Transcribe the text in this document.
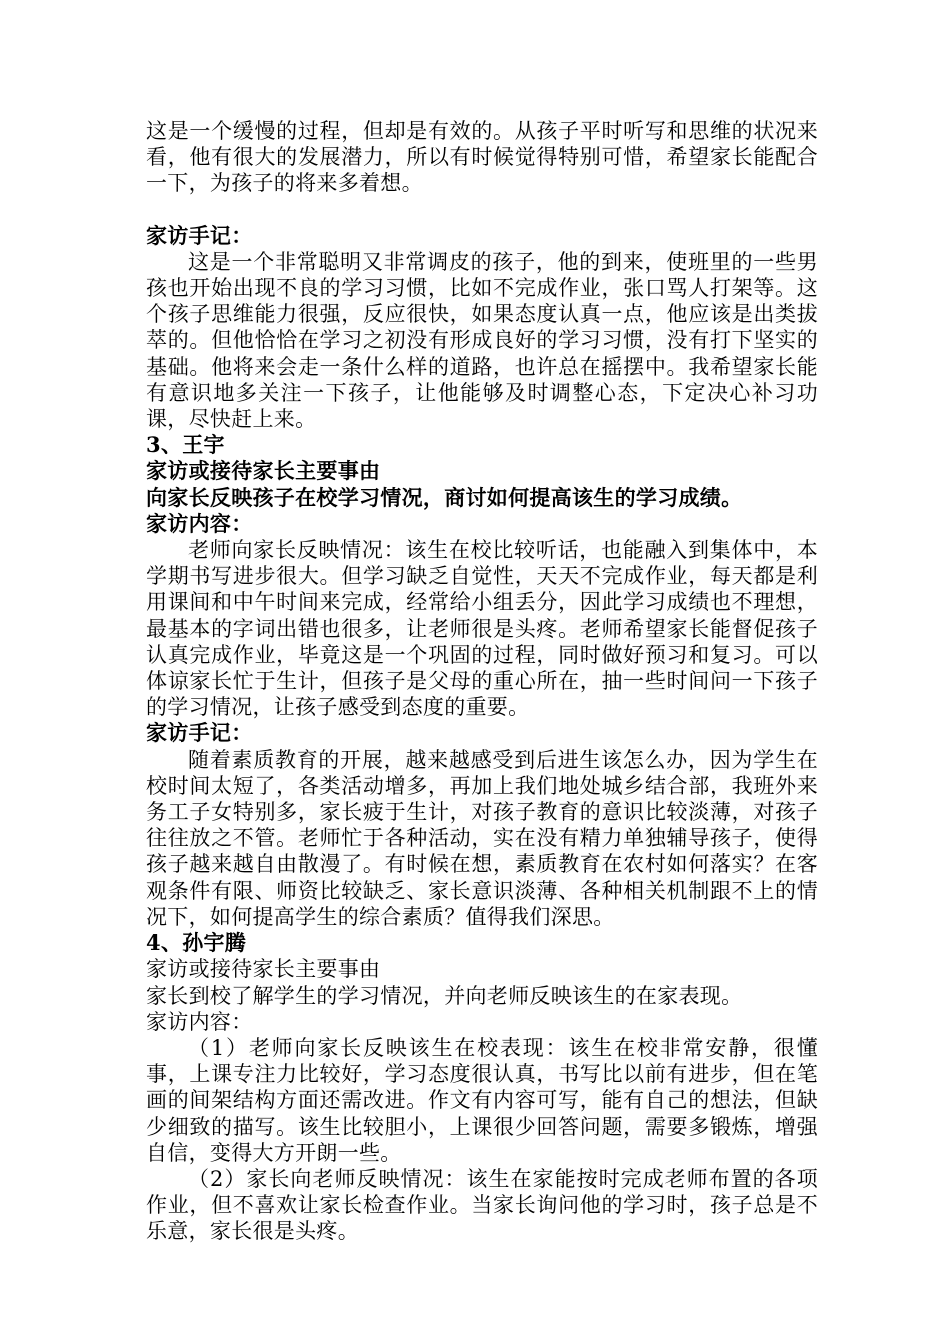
这是一个缓慢的过程，但却是有效的。从孩子平时听写和思维的状况来看，他有很大的发展潜力，所以有时候觉得特别可惜，希望家长能配合一下，为孩子的将来多着想。

家访手记：

这是一个非常聪明又非常调皮的孩子，他的到来，使班里的一些男孩也开始出现不良的学习习惯，比如不完成作业，张口骂人打架等。这个孩子思维能力很强，反应很快，如果态度认真一点，他应该是出类拔萃的。但他恰恰在学习之初没有形成良好的学习习惯，没有打下坚实的基础。他将来会走一条什么样的道路，也许总在摇摆中。我希望家长能有意识地多关注一下孩子，让他能够及时调整心态，下定决心补习功课，尽快赶上来。

3、王宇

家访或接待家长主要事由

向家长反映孩子在校学习情况，商讨如何提高该生的学习成绩。

家访内容：

老师向家长反映情况：该生在校比较听话，也能融入到集体中，本学期书写进步很大。但学习缺乏自觉性，天天不完成作业，每天都是利用课间和中午时间来完成，经常给小组丢分，因此学习成绩也不理想，最基本的字词出错也很多，让老师很是头疼。老师希望家长能督促孩子认真完成作业，毕竟这是一个巩固的过程，同时做好预习和复习。可以体谅家长忙于生计，但孩子是父母的重心所在，抽一些时间问一下孩子的学习情况，让孩子感受到态度的重要。

家访手记：

随着素质教育的开展，越来越感受到后进生该怎么办，因为学生在校时间太短了，各类活动增多，再加上我们地处城乡结合部，我班外来务工子女特别多，家长疲于生计，对孩子教育的意识比较淡薄，对孩子往往放之不管。老师忙于各种活动，实在没有精力单独辅导孩子，使得孩子越来越自由散漫了。有时候在想，素质教育在农村如何落实？在客观条件有限、师资比较缺乏、家长意识淡薄、各种相关机制跟不上的情况下，如何提高学生的综合素质？值得我们深思。

4、孙宇腾

家访或接待家长主要事由

家长到校了解学生的学习情况，并向老师反映该生的在家表现。

家访内容：

（1）老师向家长反映该生在校表现：该生在校非常安静，很懂事，上课专注力比较好，学习态度很认真，书写比以前有进步，但在笔画的间架结构方面还需改进。作文有内容可写，能有自己的想法，但缺少细致的描写。该生比较胆小，上课很少回答问题，需要多锻炼，增强自信，变得大方开朗一些。

（2）家长向老师反映情况：该生在家能按时完成老师布置的各项作业，但不喜欢让家长检查作业。当家长询问他的学习时，孩子总是不乐意，家长很是头疼。
